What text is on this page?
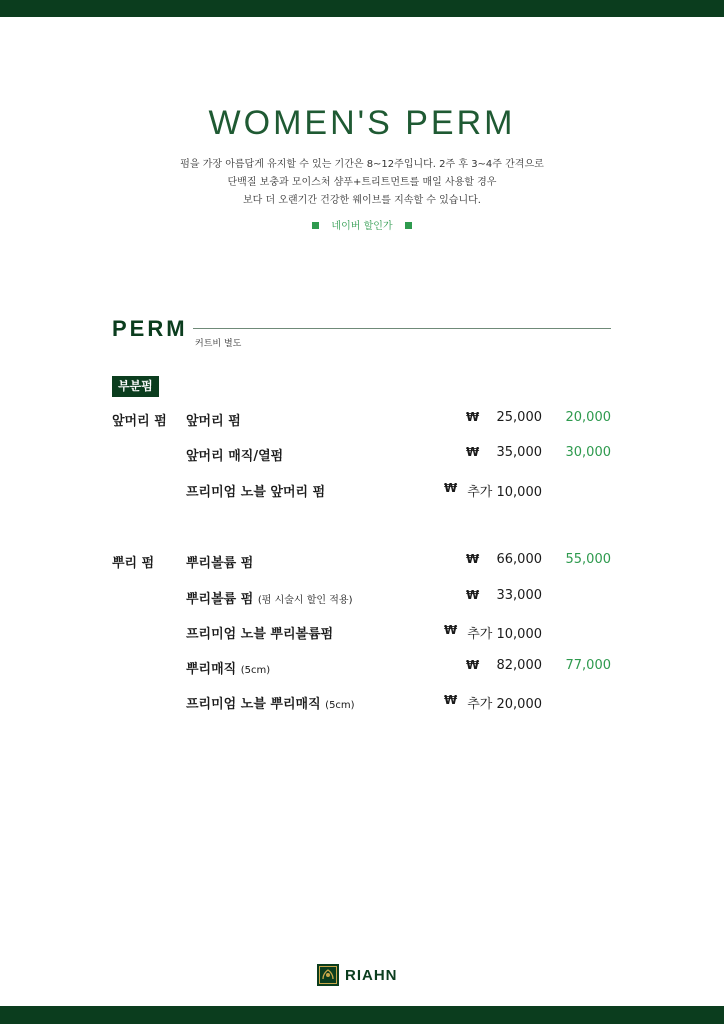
WOMEN'S PERM
펌을 가장 아름답게 유지할 수 있는 기간은 8~12주입니다. 2주 후 3~4주 간격으로
단백질 보충과 모이스처 샴푸+트리트먼트를 매일 사용할 경우
보다 더 오랜기간 건강한 웨이브를 지속할 수 있습니다.
네이버 할인가
PERM
커트비 별도
부분펌
앞머리 펌 앞머리 펌	₩ 25,000 20,000
앞머리 매직/열펌	₩ 35,000 30,000
프리미엄 노블 앞머리 펌	₩ 추가 10,000
뿌리 펌 뿌리볼륨 펌	₩ 66,000 55,000
뿌리볼륨 펌 (펌 시술시 할인 적용)	₩ 33,000
프리미엄 노블 뿌리볼륨펌	₩ 추가 10,000
뿌리매직 (5cm)	₩ 82,000 77,000
프리미엄 노블 뿌리매직 (5cm)	₩ 추가 20,000
RIAHN
